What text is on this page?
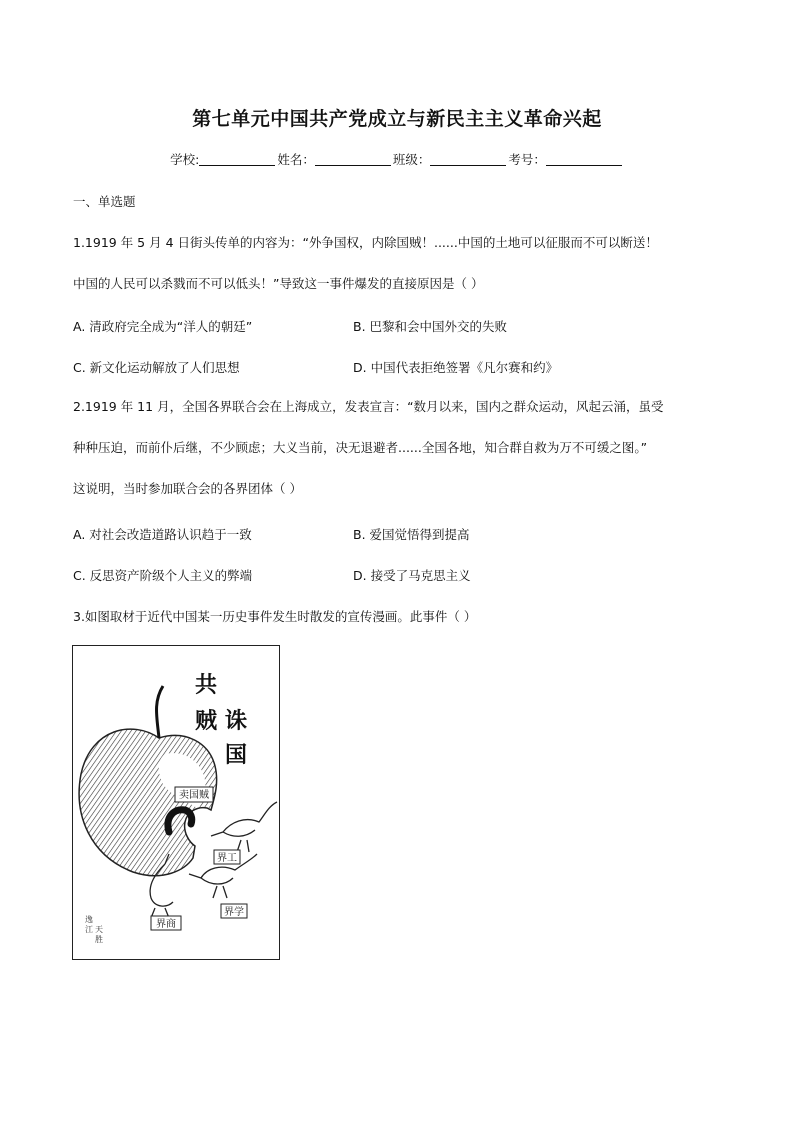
第七单元中国共产党成立与新民主主义革命兴起
学校:	姓名：	班级：	考号：
一、单选题
1.1919 年 5 月 4 日街头传单的内容为：“外争国权，内除国贼！......中国的土地可以征服而不可以断送！
中国的人民可以杀戮而不可以低头！”导致这一事件爆发的直接原因是（ ）
A. 清政府完全成为“洋人的朝廷”	B. 巴黎和会中国外交的失败
C. 新文化运动解放了人们思想	D. 中国代表拒绝签署《凡尔赛和约》
2.1919 年 11 月，全国各界联合会在上海成立，发表宣言：“数月以来，国内之群众运动，风起云涌，虽受
种种压迫，而前仆后继，不少顾虑；大义当前，决无退避者......全国各地，知合群自救为万不可缓之图。”
这说明，当时参加联合会的各界团体（ ）
A. 对社会改造道路认识趋于一致	B. 爱国觉悟得到提高
C. 反思资产阶级个人主义的弊端	D. 接受了马克思主义
3.如图取材于近代中国某一历史事件发生时散发的宣传漫画。此事件（ ）
共
诛
国
贼
卖国贼
界工
界学
界商
逸
江 天
胜
